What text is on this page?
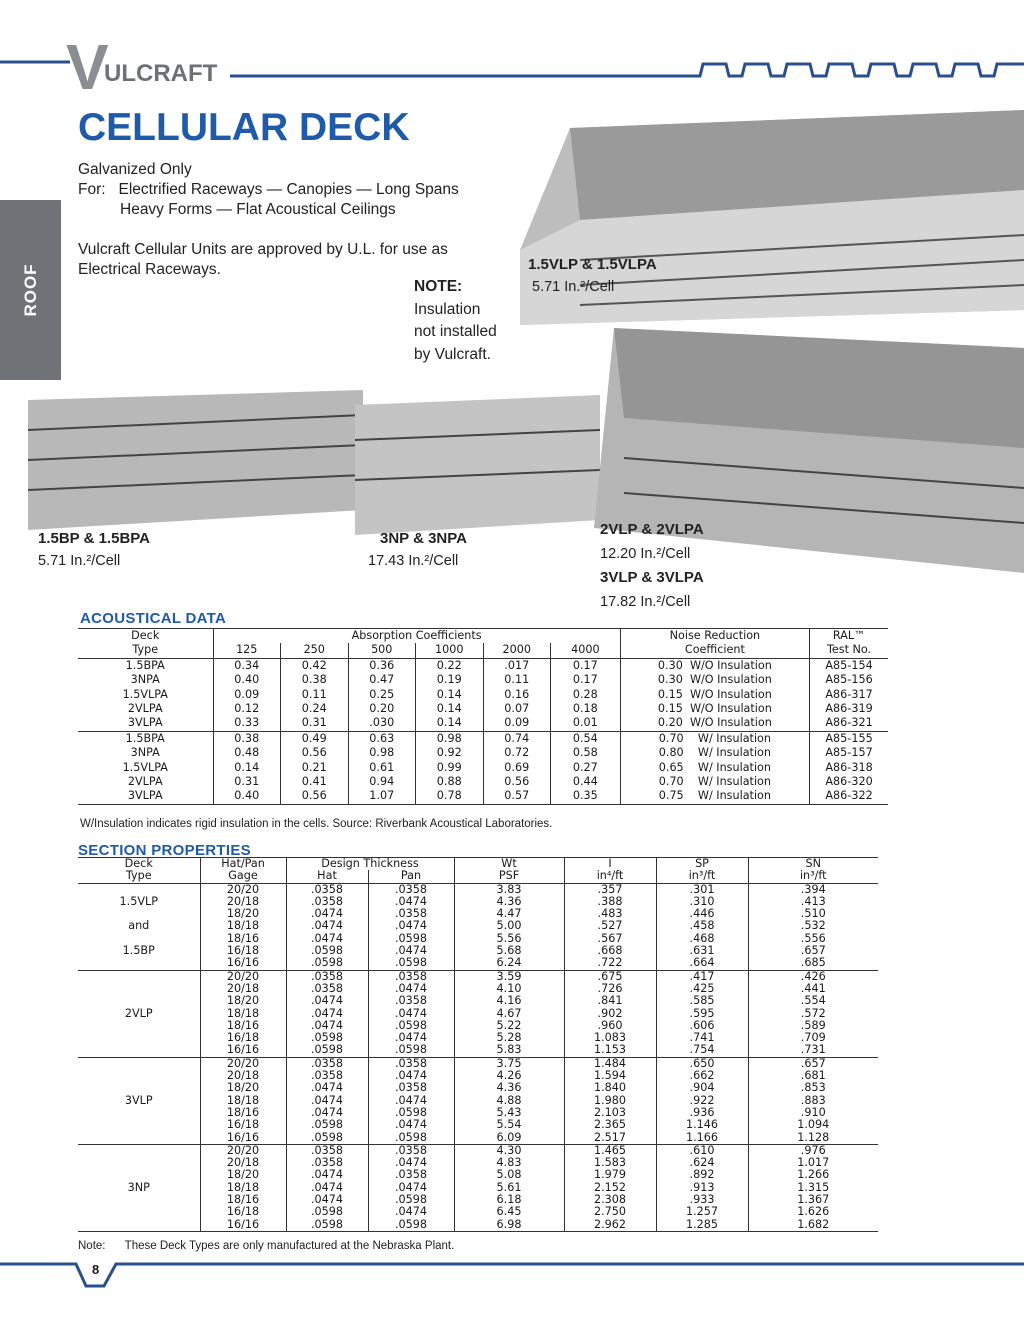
V
ULCRAFT
ROOF
CELLULAR DECK
Galvanized Only
For: Electrified Raceways — Canopies — Long Spans
Heavy Forms — Flat Acoustical Ceilings
Vulcraft Cellular Units are approved by U.L. for use as
Electrical Raceways.
NOTE:
Insulation
not installed
by Vulcraft.
1.5VLP & 1.5VLPA
5.71 In.²/Cell
1.5BP & 1.5BPA
5.71 In.²/Cell
3NP & 3NPA
17.43 In.²/Cell
2VLP & 2VLPA
12.20 In.²/Cell
3VLP & 3VLPA
17.82 In.²/Cell
ACOUSTICAL DATA
Deck	Absorption Coefficients						Noise Reduction	RAL™
Type	125	250	500	1000	2000	4000	Coefficient	Test No.
1.5BPA	0.34	0.42	0.36	0.22	.017	0.17	0.30  W/O Insulation	A85-154
3NPA	0.40	0.38	0.47	0.19	0.11	0.17	0.30  W/O Insulation	A85-156
1.5VLPA	0.09	0.11	0.25	0.14	0.16	0.28	0.15  W/O Insulation	A86-317
2VLPA	0.12	0.24	0.20	0.14	0.07	0.18	0.15  W/O Insulation	A86-319
3VLPA	0.33	0.31	.030	0.14	0.09	0.01	0.20  W/O Insulation	A86-321
1.5BPA	0.38	0.49	0.63	0.98	0.74	0.54	0.70    W/ Insulation	A85-155
3NPA	0.48	0.56	0.98	0.92	0.72	0.58	0.80    W/ Insulation	A85-157
1.5VLPA	0.14	0.21	0.61	0.99	0.69	0.27	0.65    W/ Insulation	A86-318
2VLPA	0.31	0.41	0.94	0.88	0.56	0.44	0.70    W/ Insulation	A86-320
3VLPA	0.40	0.56	1.07	0.78	0.57	0.35	0.75    W/ Insulation	A86-322
W/Insulation indicates rigid insulation in the cells. Source: Riverbank Acoustical Laboratories.
SECTION PROPERTIES
Deck	Hat/Pan	Design Thickness		Wt	I	SP	SN
Type	Gage	Hat	Pan	PSF	in⁴/ft	in³/ft	in³/ft
	20/20	.0358	.0358	3.83	.357	.301	.394
1.5VLP	20/18	.0358	.0474	4.36	.388	.310	.413
	18/20	.0474	.0358	4.47	.483	.446	.510
and	18/18	.0474	.0474	5.00	.527	.458	.532
	18/16	.0474	.0598	5.56	.567	.468	.556
1.5BP	16/18	.0598	.0474	5.68	.668	.631	.657
	16/16	.0598	.0598	6.24	.722	.664	.685
	20/20	.0358	.0358	3.59	.675	.417	.426
	20/18	.0358	.0474	4.10	.726	.425	.441
	18/20	.0474	.0358	4.16	.841	.585	.554
2VLP	18/18	.0474	.0474	4.67	.902	.595	.572
	18/16	.0474	.0598	5.22	.960	.606	.589
	16/18	.0598	.0474	5.28	1.083	.741	.709
	16/16	.0598	.0598	5.83	1.153	.754	.731
	20/20	.0358	.0358	3.75	1.484	.650	.657
	20/18	.0358	.0474	4.26	1.594	.662	.681
	18/20	.0474	.0358	4.36	1.840	.904	.853
3VLP	18/18	.0474	.0474	4.88	1.980	.922	.883
	18/16	.0474	.0598	5.43	2.103	.936	.910
	16/18	.0598	.0474	5.54	2.365	1.146	1.094
	16/16	.0598	.0598	6.09	2.517	1.166	1.128
	20/20	.0358	.0358	4.30	1.465	.610	.976
	20/18	.0358	.0474	4.83	1.583	.624	1.017
	18/20	.0474	.0358	5.08	1.979	.892	1.266
3NP	18/18	.0474	.0474	5.61	2.152	.913	1.315
	18/16	.0474	.0598	6.18	2.308	.933	1.367
	16/18	.0598	.0474	6.45	2.750	1.257	1.626
	16/16	.0598	.0598	6.98	2.962	1.285	1.682
Note: These Deck Types are only manufactured at the Nebraska Plant.
8
